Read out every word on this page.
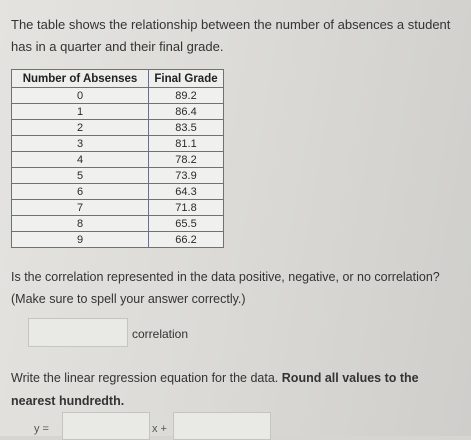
The table shows the relationship between the number of absences a student has in a quarter and their final grade.
Number of Absenses	Final Grade
0	89.2
1	86.4
2	83.5
3	81.1
4	78.2
5	73.9
6	64.3
7	71.8
8	65.5
9	66.2
Is the correlation represented in the data positive, negative, or no correlation?
(Make sure to spell your answer correctly.)
correlation
Write the linear regression equation for the data. Round all values to the nearest hundredth.
y =	x +
